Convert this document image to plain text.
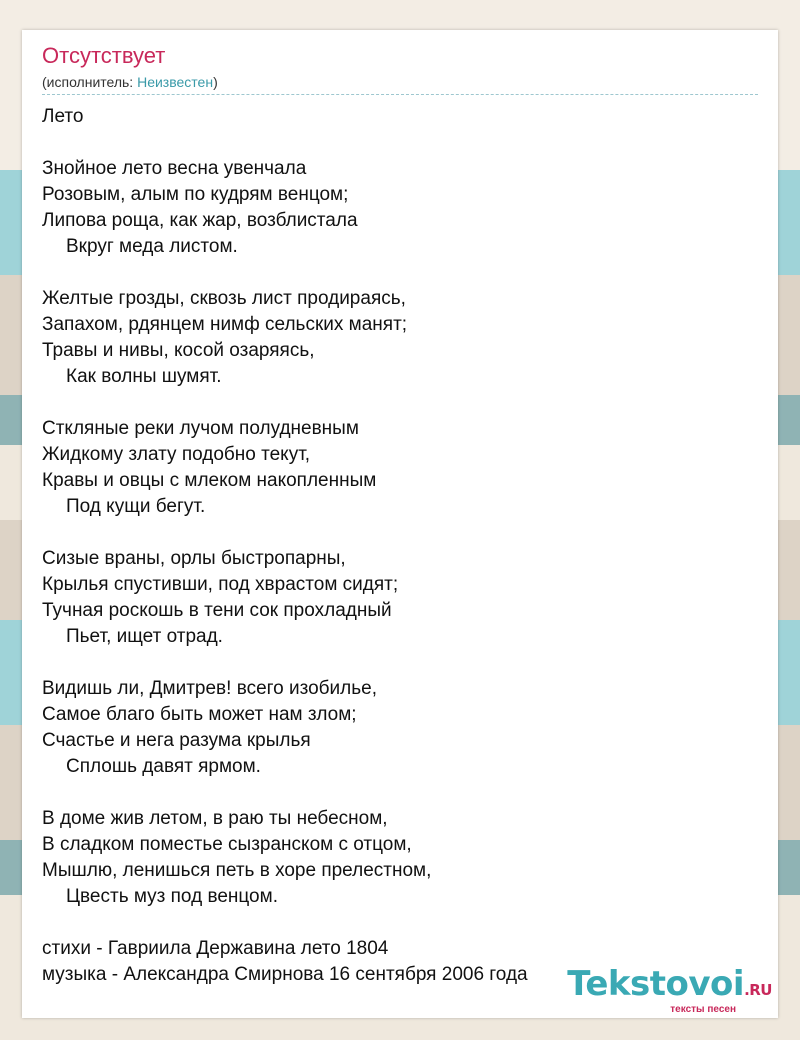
Отсутствует
(исполнитель: Неизвестен)
Лето
Знойное лето весна увенчала
Розовым, алым по кудрям венцом;
Липова роща, как жар, возблистала
Вкруг меда листом.
Желтые грозды, сквозь лист продираясь,
Запахом, рдянцем нимф сельских манят;
Травы и нивы, косой озаряясь,
Как волны шумят.
Сткляные реки лучом полудневным
Жидкому злату подобно текут,
Кравы и овцы с млеком накопленным
Под кущи бегут.
Сизые враны, орлы быстропарны,
Крылья спустивши, под хврастом сидят;
Тучная роскошь в тени сок прохладный
Пьет, ищет отрад.
Видишь ли, Дмитрев! всего изобилье,
Самое благо быть может нам злом;
Счастье и нега разума крылья
Сплошь давят ярмом.
В доме жив летом, в раю ты небесном,
В сладком поместье сызранском с отцом,
Мышлю, ленишься петь в хоре прелестном,
Цвесть муз под венцом.
стихи - Гавриила Державина лето 1804
музыка - Александра Смирнова 16 сентября 2006 года	Tekstovoi.RU
тексты песен
